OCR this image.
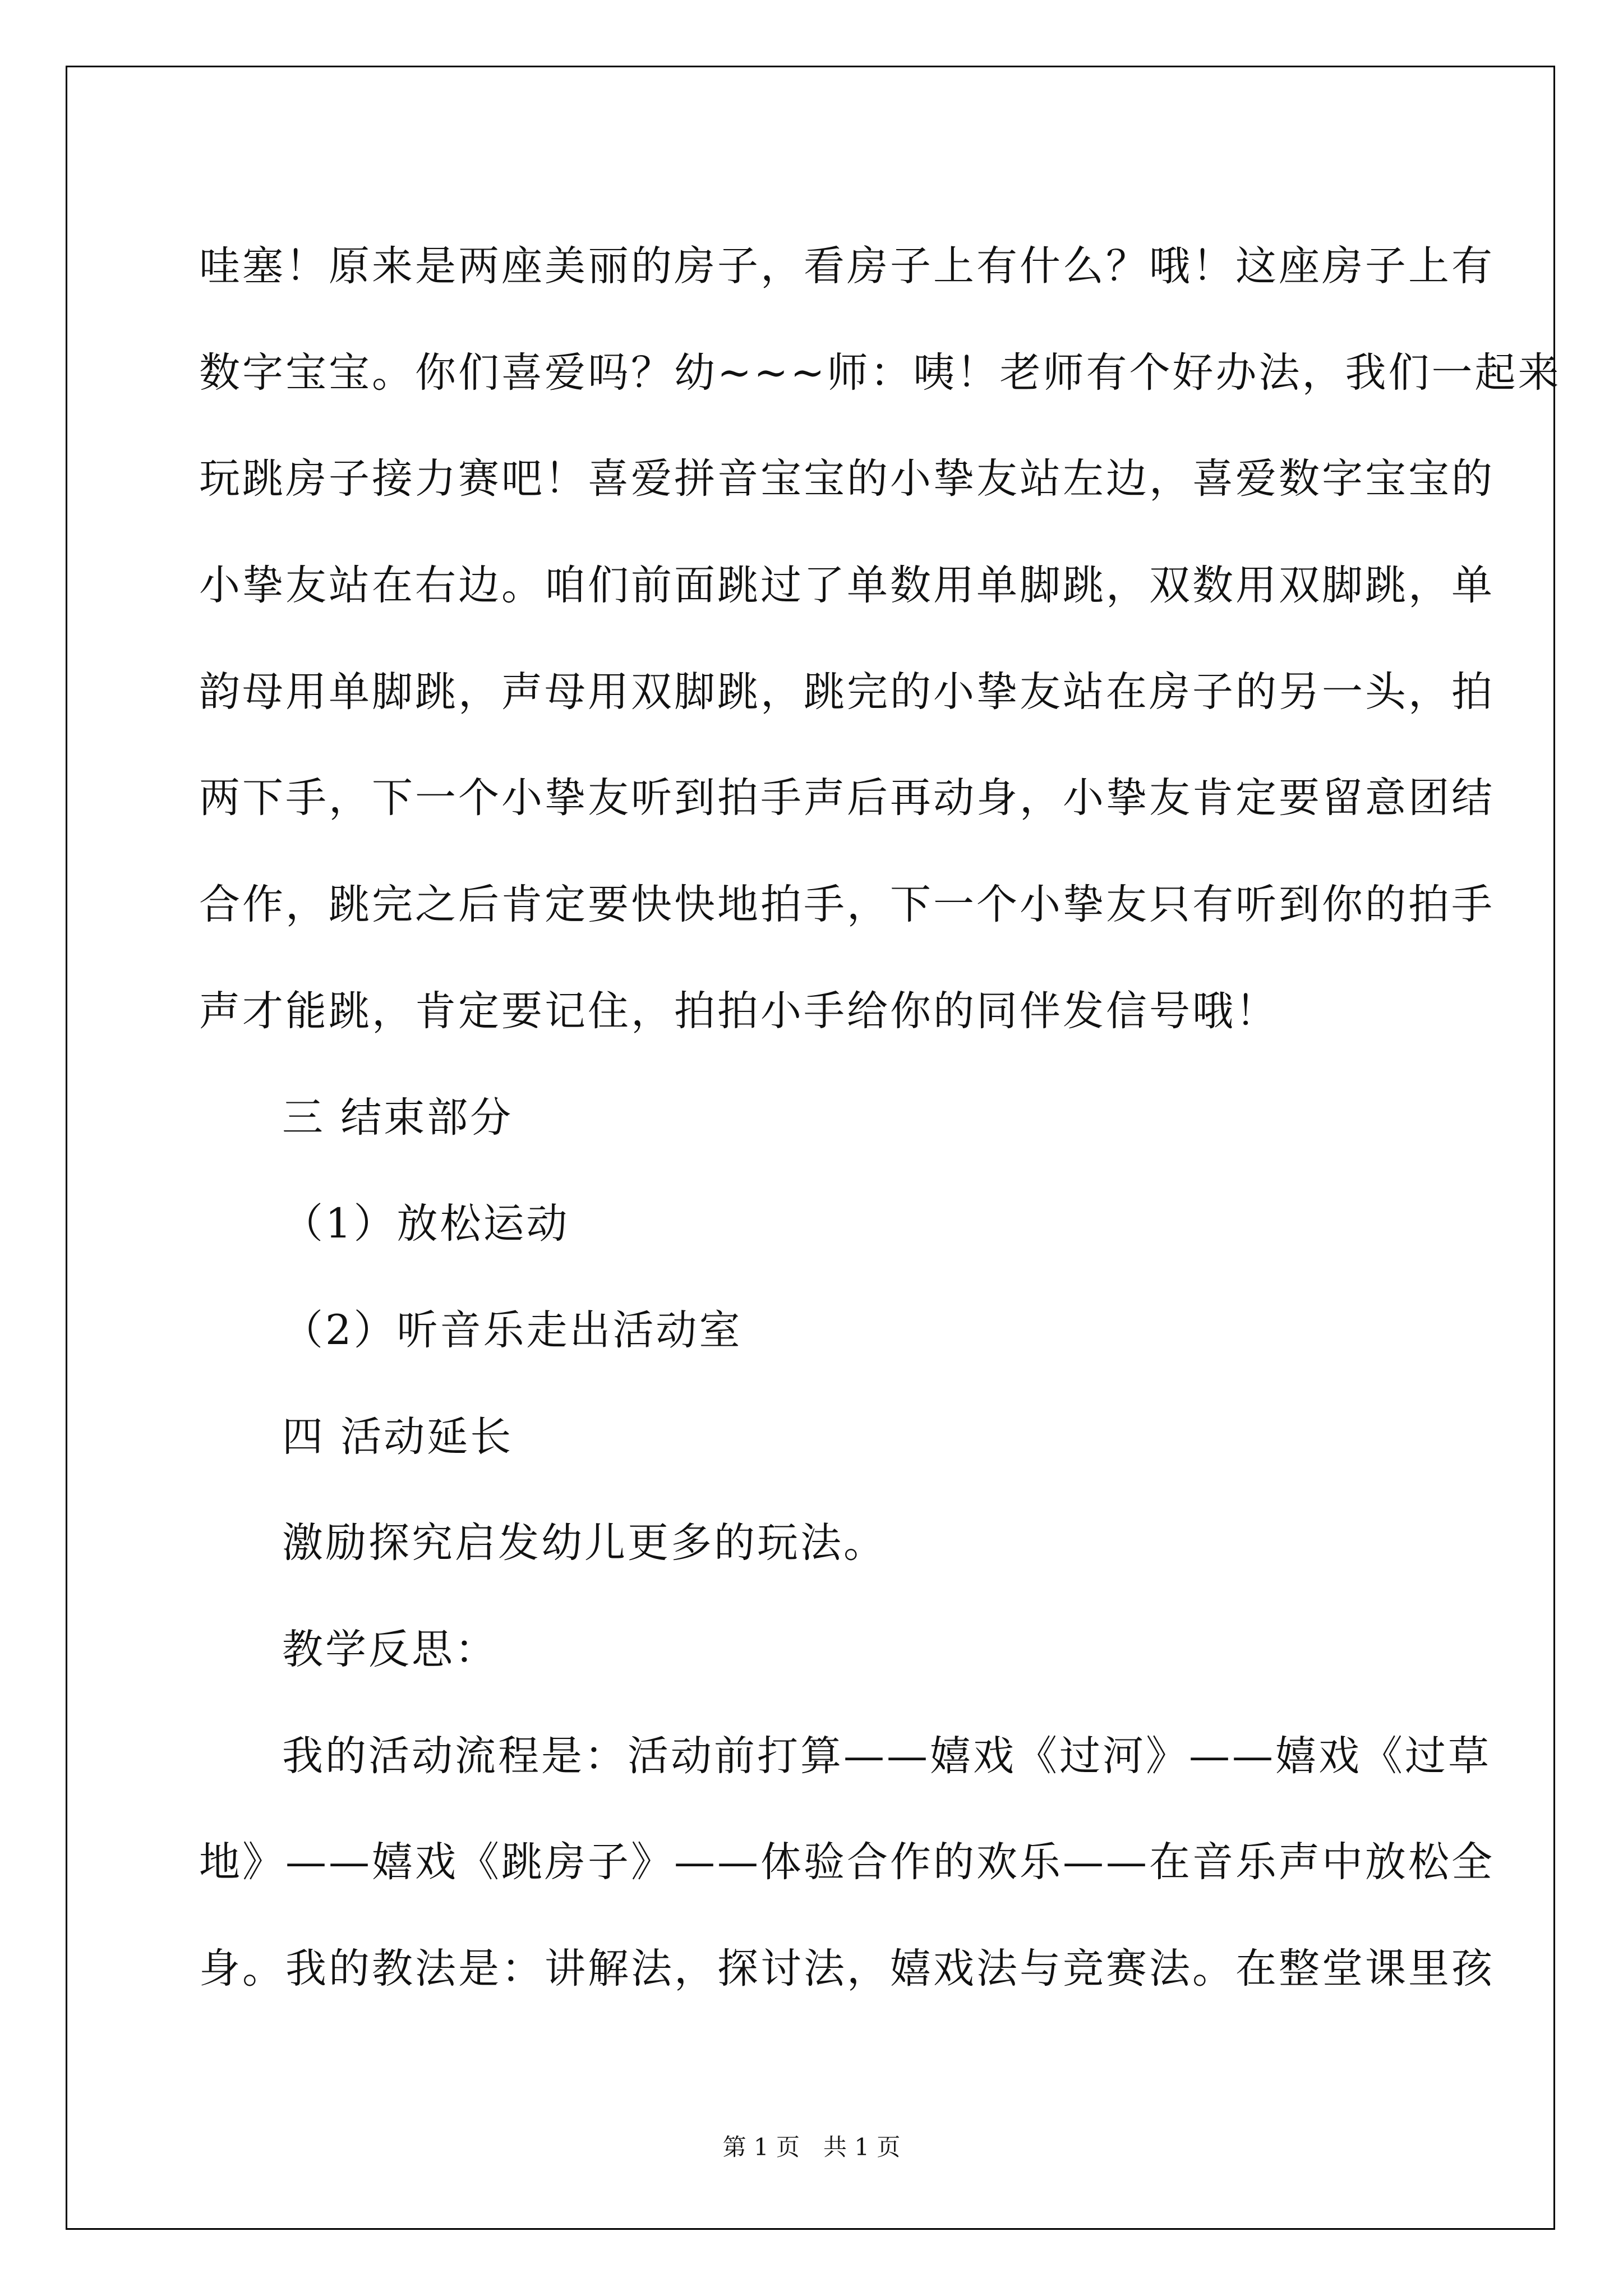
哇塞！原来是两座美丽的房子，看房子上有什么？哦！这座房子上有
数字宝宝。你们喜爱吗？幼~~~师：咦！老师有个好办法，我们一起来
玩跳房子接力赛吧！喜爱拼音宝宝的小挚友站左边，喜爱数字宝宝的
小挚友站在右边。咱们前面跳过了单数用单脚跳，双数用双脚跳，单
韵母用单脚跳，声母用双脚跳，跳完的小挚友站在房子的另一头，拍
两下手，下一个小挚友听到拍手声后再动身，小挚友肯定要留意团结
合作，跳完之后肯定要快快地拍手，下一个小挚友只有听到你的拍手
声才能跳，肯定要记住，拍拍小手给你的同伴发信号哦！
三 结束部分
（1）放松运动
（2）听音乐走出活动室
四 活动延长
激励探究启发幼儿更多的玩法。
教学反思：
我的活动流程是：活动前打算——嬉戏《过河》——嬉戏《过草
地》——嬉戏《跳房子》——体验合作的欢乐——在音乐声中放松全
身。我的教法是：讲解法，探讨法，嬉戏法与竞赛法。在整堂课里孩
第 1 页　共 1 页
